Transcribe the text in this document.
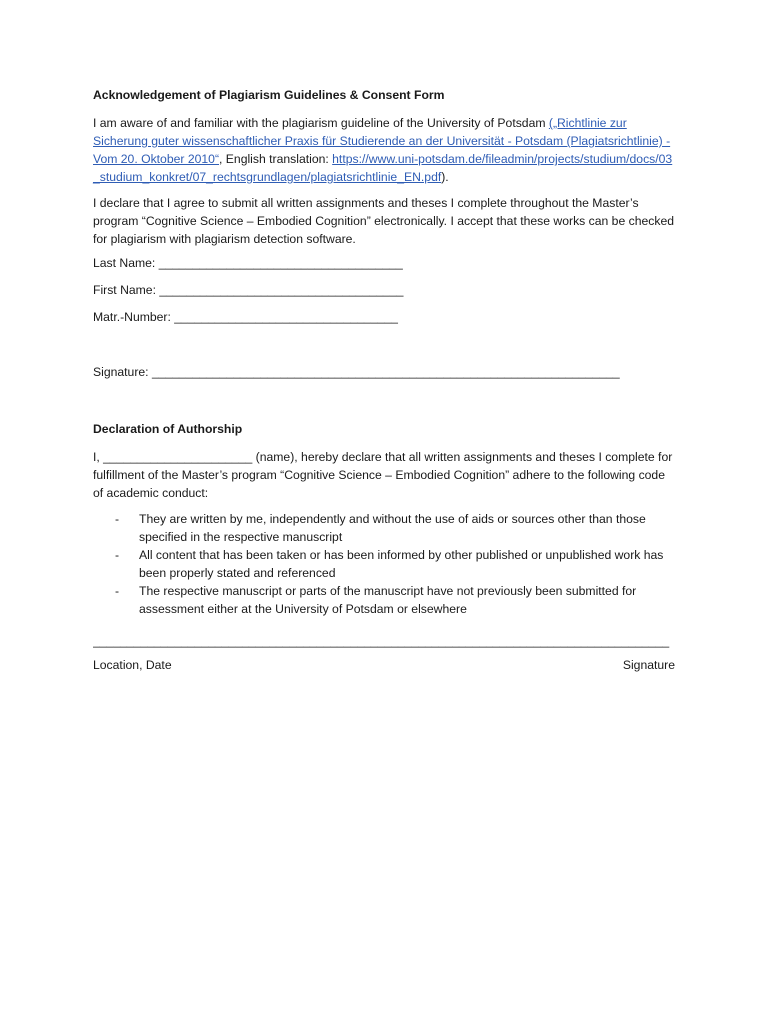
Acknowledgement of Plagiarism Guidelines & Consent Form

I am aware of and familiar with the plagiarism guideline of the University of Potsdam („Richtlinie zur Sicherung guter wissenschaftlicher Praxis für Studierende an der Universität - Potsdam (Plagiatsrichtlinie) - Vom 20. Oktober 2010“, English translation: https://www.uni-potsdam.de/fileadmin/projects/studium/docs/03_studium_konkret/07_rechtsgrundlagen/plagiatsrichtlinie_EN.pdf).

I declare that I agree to submit all written assignments and theses I complete throughout the Master’s program “Cognitive Science – Embodied Cognition” electronically. I accept that these works can be checked for plagiarism with plagiarism detection software.

Last Name: ____________________________________
First Name: ____________________________________
Matr.-Number: _________________________________
Signature: _____________________________________________________________________
Declaration of Authorship

I, ______________________ (name), hereby declare that all written assignments and theses I complete for fulfillment of the Master’s program “Cognitive Science – Embodied Cognition” adhere to the following code of academic conduct:

- They are written by me, independently and without the use of aids or sources other than those specified in the respective manuscript
- All content that has been taken or has been informed by other published or unpublished work has been properly stated and referenced
- The respective manuscript or parts of the manuscript have not previously been submitted for assessment either at the University of Potsdam or elsewhere
_____________________________________________________________________________________
Location, Date	Signature
